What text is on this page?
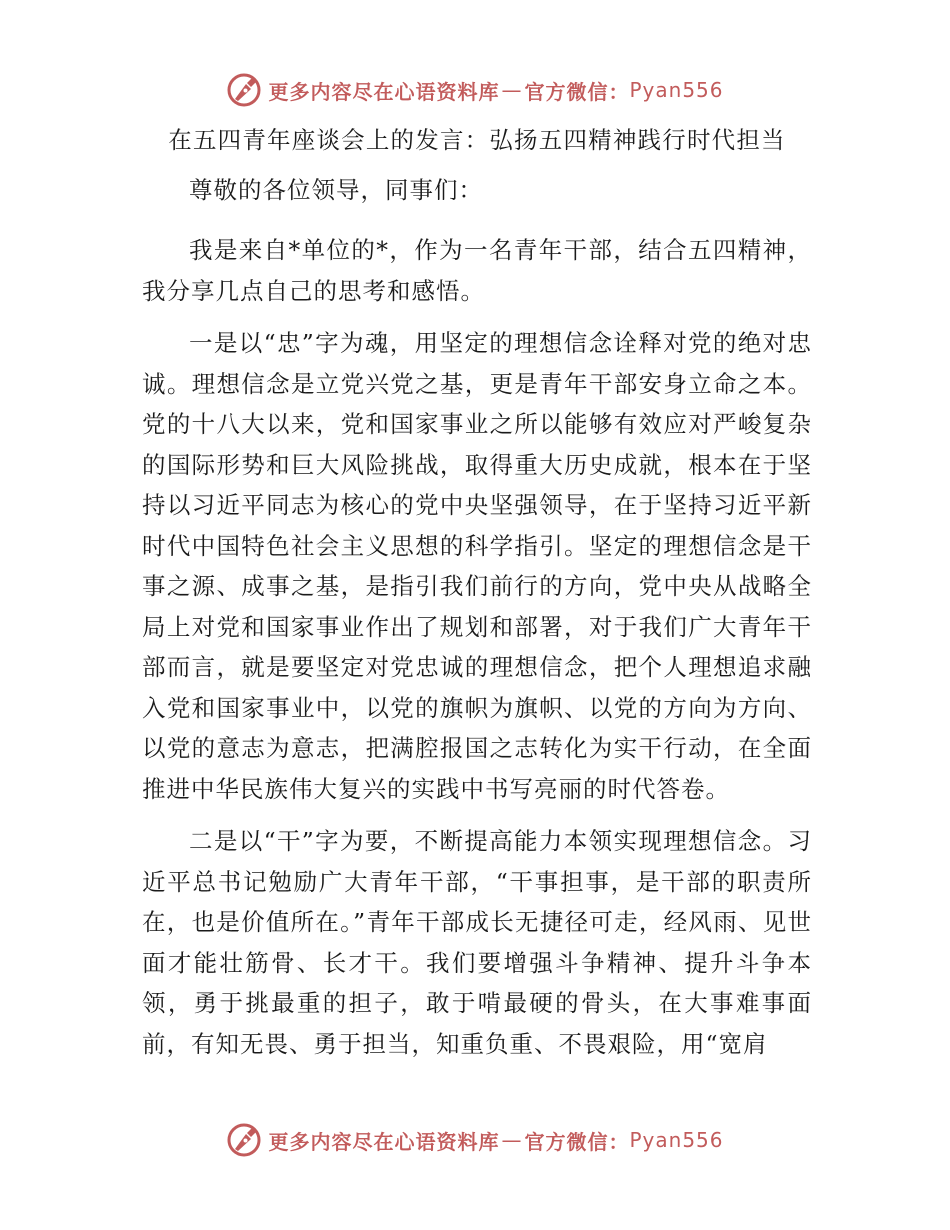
更多内容尽在心语资料库 — 官方微信： Pyan556
在五四青年座谈会上的发言：弘扬五四精神践行时代担当

尊敬的各位领导，同事们：

我是来自*单位的*，作为一名青年干部，结合五四精神，我分享几点自己的思考和感悟。

一是以“忠”字为魂，用坚定的理想信念诠释对党的绝对忠诚。理想信念是立党兴党之基，更是青年干部安身立命之本。党的十八大以来，党和国家事业之所以能够有效应对严峻复杂的国际形势和巨大风险挑战，取得重大历史成就，根本在于坚持以习近平同志为核心的党中央坚强领导，在于坚持习近平新时代中国特色社会主义思想的科学指引。坚定的理想信念是干事之源、成事之基，是指引我们前行的方向，党中央从战略全局上对党和国家事业作出了规划和部署，对于我们广大青年干部而言，就是要坚定对党忠诚的理想信念，把个人理想追求融入党和国家事业中，以党的旗帜为旗帜、以党的方向为方向、以党的意志为意志，把满腔报国之志转化为实干行动，在全面推进中华民族伟大复兴的实践中书写亮丽的时代答卷。

二是以“干”字为要，不断提高能力本领实现理想信念。习近平总书记勉励广大青年干部，“干事担事，是干部的职责所在，也是价值所在。”青年干部成长无捷径可走，经风雨、见世面才能壮筋骨、长才干。我们要增强斗争精神、提升斗争本领，勇于挑最重的担子，敢于啃最硬的骨头，在大事难事面前，有知无畏、勇于担当，知重负重、不畏艰险，用“宽肩

更多内容尽在心语资料库 — 官方微信： Pyan556
